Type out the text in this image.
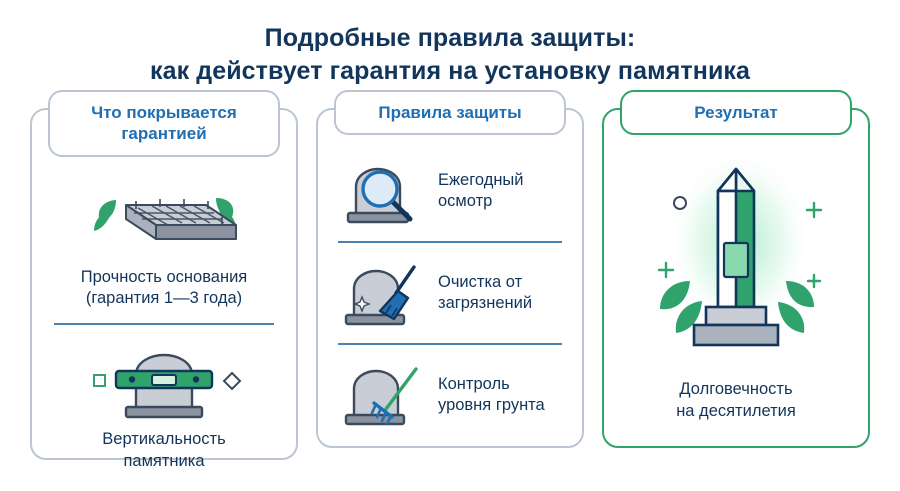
Подробные правила защиты:
как действует гарантия на установку памятника
Что покрывается гарантией
Прочность основания
(гарантия 1—3 года)
Вертикальность
памятника
Правила защиты
Ежегодный
осмотр
Очистка от
загрязнений
Контроль
уровня грунта
Результат
Долговечность
на десятилетия
